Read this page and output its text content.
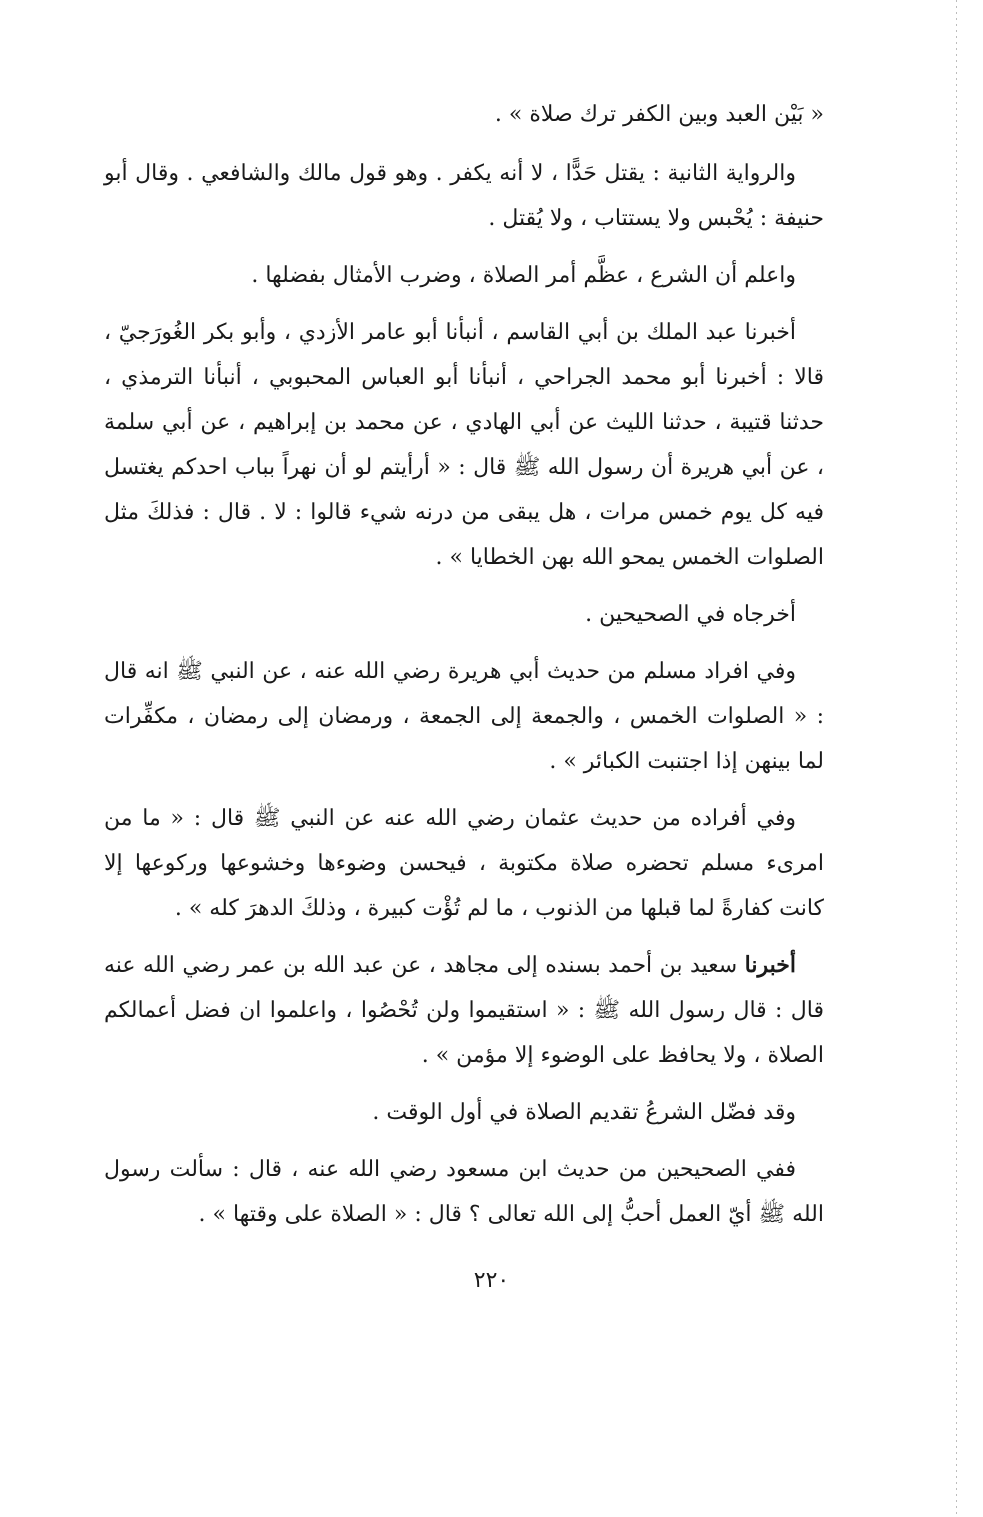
« بَيْن العبد وبين الكفر ترك صلاة » .

والرواية الثانية : يقتل حَدًّا ، لا أنه يكفر . وهو قول مالك والشافعي . وقال أبو حنيفة : يُحْبس ولا يستتاب ، ولا يُقتل .

واعلم أن الشرع ، عظَّم أمر الصلاة ، وضرب الأمثال بفضلها .

أخبرنا عبد الملك بن أبي القاسم ، أنبأنا أبو عامر الأزدي ، وأبو بكر الغُورَجيّ ، قالا : أخبرنا أبو محمد الجراحي ، أنبأنا أبو العباس المحبوبي ، أنبأنا الترمذي ، حدثنا قتيبة ، حدثنا الليث عن أبي الهادي ، عن محمد بن إبراهيم ، عن أبي سلمة ، عن أبي هريرة أن رسول الله ﷺ قال : « أرأيتم لو أن نهراً بباب احدكم يغتسل فيه كل يوم خمس مرات ، هل يبقى من درنه شيء قالوا : لا . قال : فذلكَ مثل الصلوات الخمس يمحو الله بهن الخطايا » .

أخرجاه في الصحيحين .

وفي افراد مسلم من حديث أبي هريرة رضي الله عنه ، عن النبي ﷺ انه قال : « الصلوات الخمس ، والجمعة إلى الجمعة ، ورمضان إلى رمضان ، مكفِّرات لما بينهن إذا اجتنبت الكبائر » .

وفي أفراده من حديث عثمان رضي الله عنه عن النبي ﷺ قال : « ما من امرىء مسلم تحضره صلاة مكتوبة ، فيحسن وضوءها وخشوعها وركوعها إلا كانت كفارةً لما قبلها من الذنوب ، ما لم تُؤْت كبيرة ، وذلكَ الدهرَ كله » .

أخبرنا سعيد بن أحمد بسنده إلى مجاهد ، عن عبد الله بن عمر رضي الله عنه قال : قال رسول الله ﷺ : « استقيموا ولن تُحْصُوا ، واعلموا ان فضل أعمالكم الصلاة ، ولا يحافظ على الوضوء إلا مؤمن » .

وقد فضّل الشرعُ تقديم الصلاة في أول الوقت .

ففي الصحيحين من حديث ابن مسعود رضي الله عنه ، قال : سألت رسول الله ﷺ أيّ العمل أحبُّ إلى الله تعالى ؟ قال : « الصلاة على وقتها » .

٢٢٠
